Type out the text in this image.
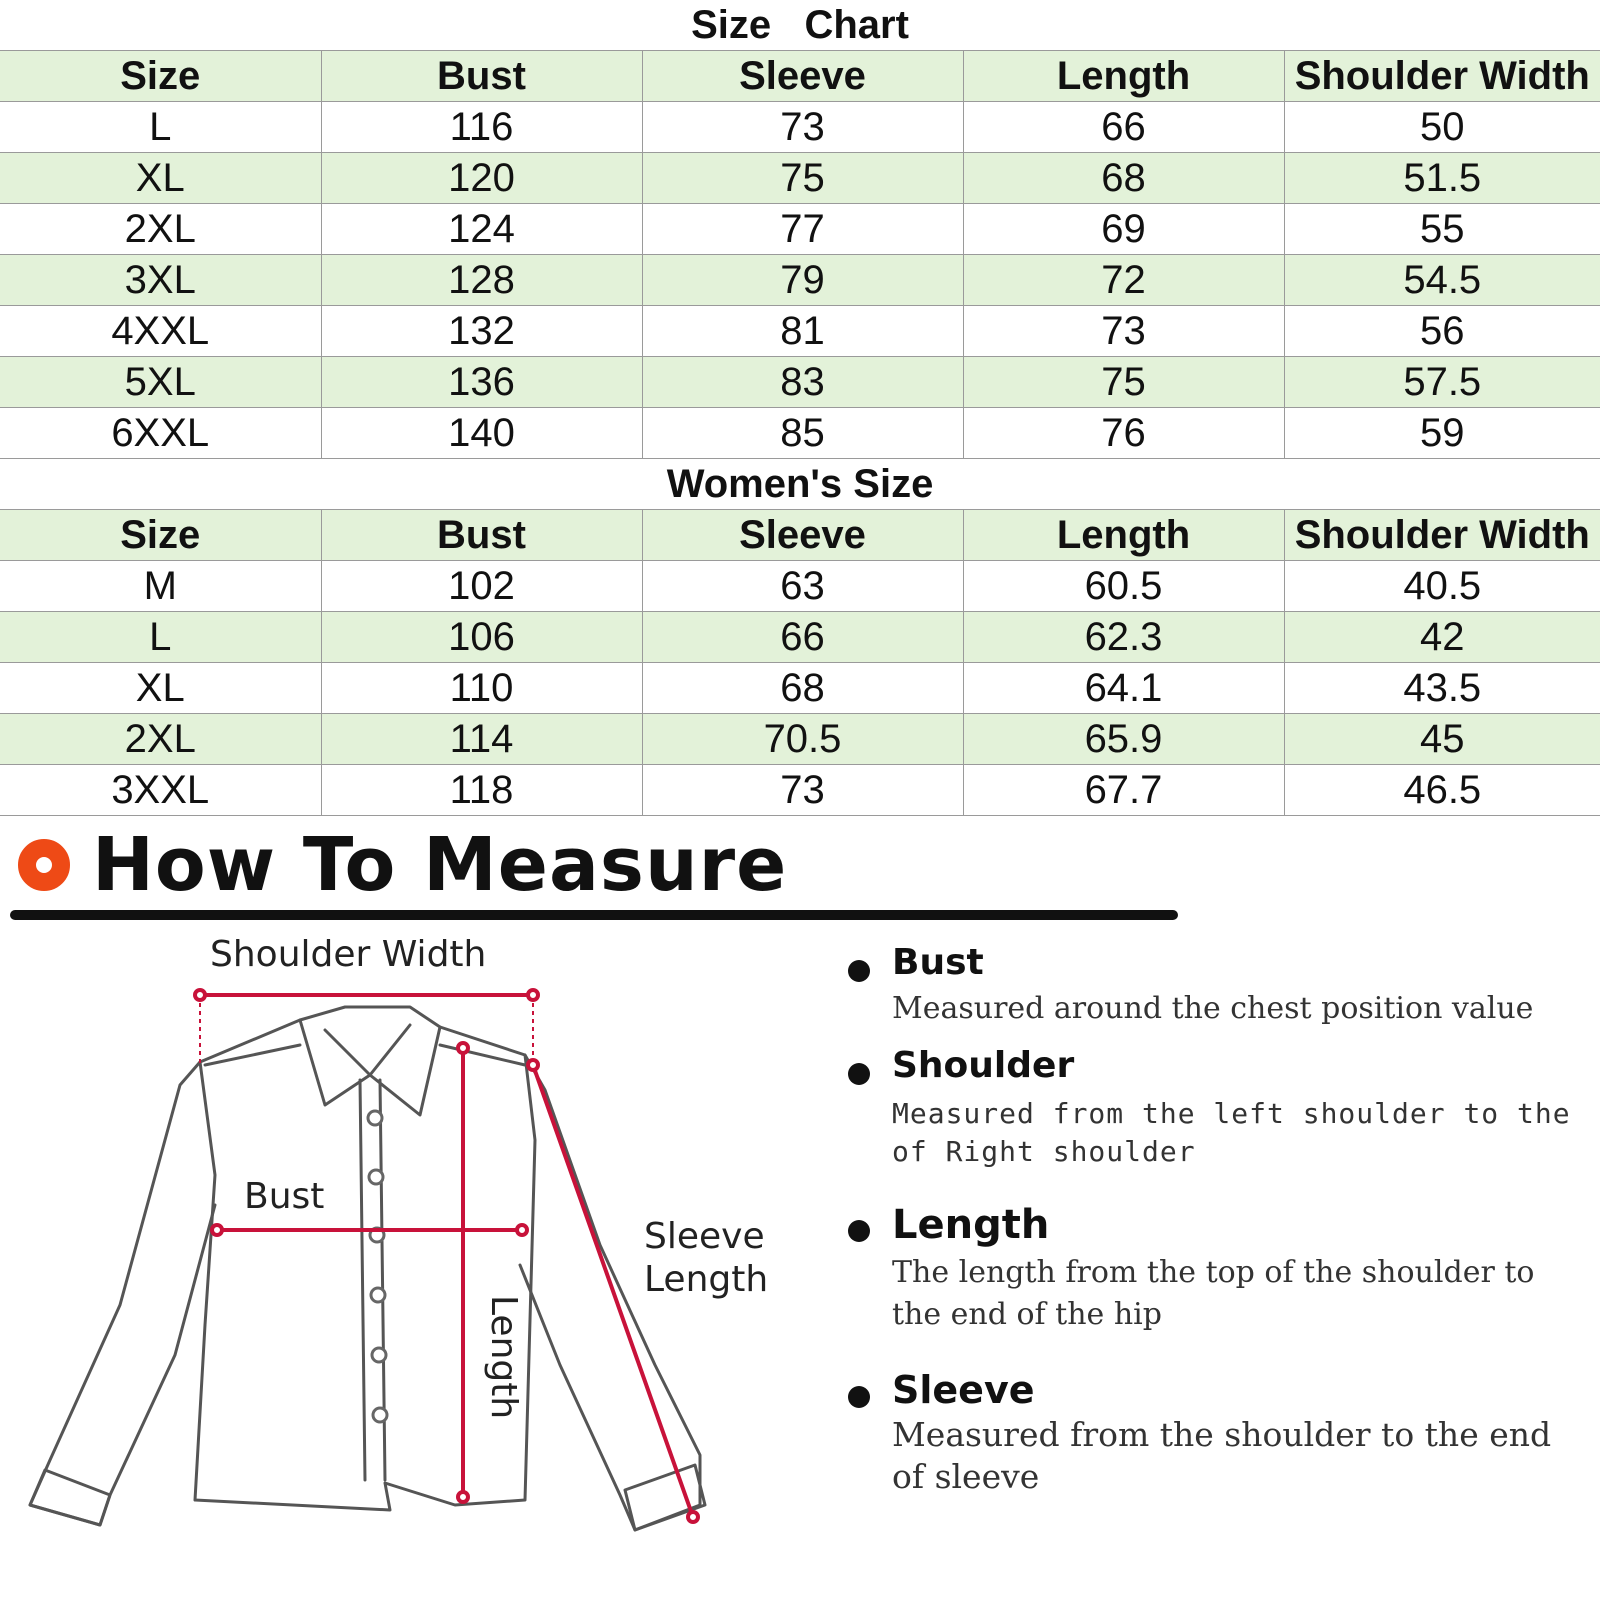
Size   Chart				
Size	Bust	Sleeve	Length	Shoulder Width
L	116	73	66	50
XL	120	75	68	51.5
2XL	124	77	69	55
3XL	128	79	72	54.5
4XXL	132	81	73	56
5XL	136	83	75	57.5
6XXL	140	85	76	59
Women's Size				
Size	Bust	Sleeve	Length	Shoulder Width
M	102	63	60.5	40.5
L	106	66	62.3	42
XL	110	68	64.1	43.5
2XL	114	70.5	65.9	45
3XXL	118	73	67.7	46.5
How To Measure
Shoulder Width
Bust
Sleeve
Length
Length
Bust
Measured around the chest position value
Shoulder
Measured from the left shoulder to the of Right shoulder
Length
The length from the top of the shoulder to the end of the hip
Sleeve
Measured from the shoulder to the end of sleeve
